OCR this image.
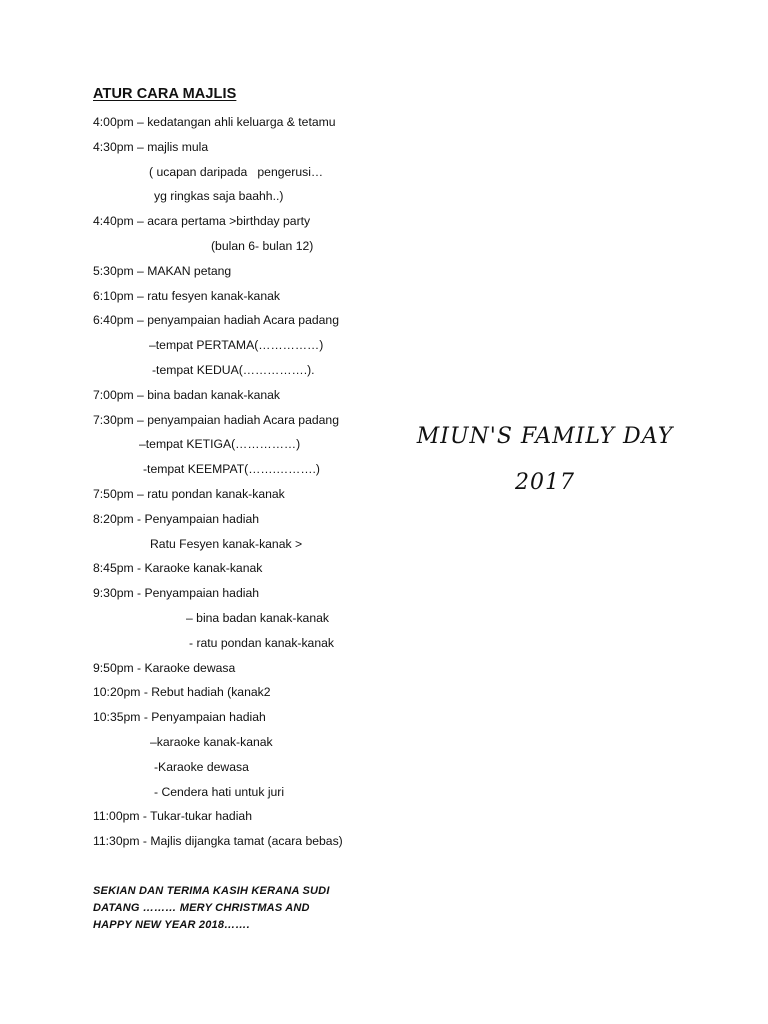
ATUR CARA MAJLIS
4:00pm – kedatangan ahli keluarga & tetamu
4:30pm – majlis mula
( ucapan daripada   pengerusi…
yg ringkas saja baahh..)
4:40pm – acara pertama >birthday party
(bulan 6- bulan 12)
5:30pm – MAKAN petang
6:10pm – ratu fesyen kanak-kanak
6:40pm – penyampaian hadiah Acara padang
–tempat PERTAMA(……………)
-tempat KEDUA(…………….).
7:00pm – bina badan kanak-kanak
7:30pm – penyampaian hadiah Acara padang
–tempat KETIGA(……………)
-tempat KEEMPAT(…….……….)
7:50pm – ratu pondan kanak-kanak
8:20pm - Penyampaian hadiah
Ratu Fesyen kanak-kanak >
8:45pm - Karaoke kanak-kanak
9:30pm - Penyampaian hadiah
– bina badan kanak-kanak
- ratu pondan kanak-kanak
9:50pm - Karaoke dewasa
10:20pm - Rebut hadiah (kanak2
10:35pm - Penyampaian hadiah
–karaoke kanak-kanak
-Karaoke dewasa
- Cendera hati untuk juri
11:00pm - Tukar-tukar hadiah
11:30pm - Majlis dijangka tamat (acara bebas)
SEKIAN DAN TERIMA KASIH KERANA SUDI
DATANG ……… MERY CHRISTMAS AND
HAPPY NEW YEAR 2018…….
MIUN'S FAMILY DAY
2017
